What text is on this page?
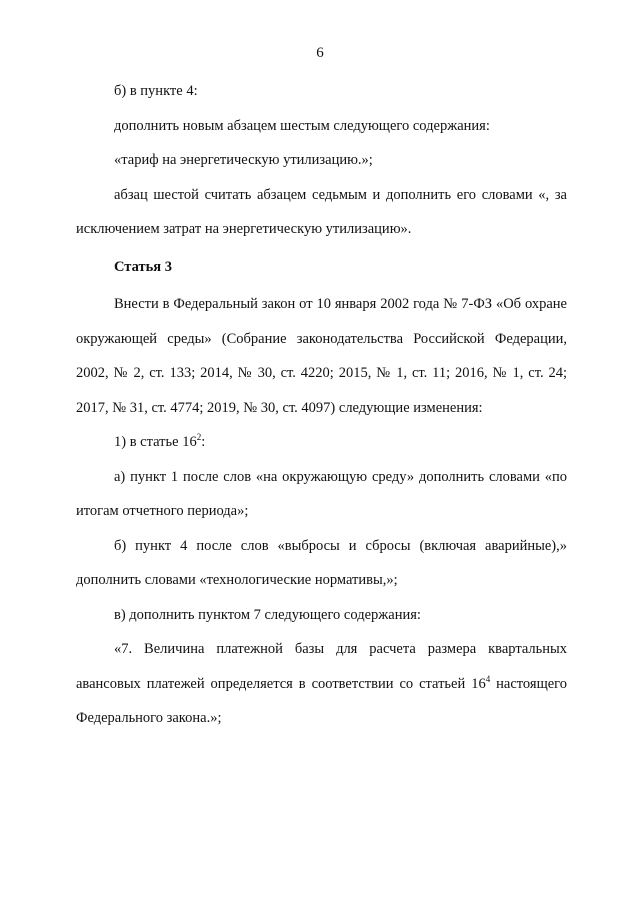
6

б) в пункте 4:

дополнить новым абзацем шестым следующего содержания:

«тариф на энергетическую утилизацию.»;

абзац шестой считать абзацем седьмым и дополнить его словами «, за исключением затрат на энергетическую утилизацию».

Статья 3

Внести в Федеральный закон от 10 января 2002 года № 7-ФЗ «Об охране окружающей среды» (Собрание законодательства Российской Федерации, 2002, № 2, ст. 133; 2014, № 30, ст. 4220; 2015, № 1, ст. 11; 2016, № 1, ст. 24; 2017, № 31, ст. 4774; 2019, № 30, ст. 4097) следующие изменения:

1) в статье $16^2$:

а) пункт 1 после слов «на окружающую среду» дополнить словами «по итогам отчетного периода»;

б) пункт 4 после слов «выбросы и сбросы (включая аварийные),» дополнить словами «технологические нормативы,»;

в) дополнить пунктом 7 следующего содержания:

«7. Величина платежной базы для расчета размера квартальных авансовых платежей определяется в соответствии со статьей $16^4$ настоящего Федерального закона.»;
